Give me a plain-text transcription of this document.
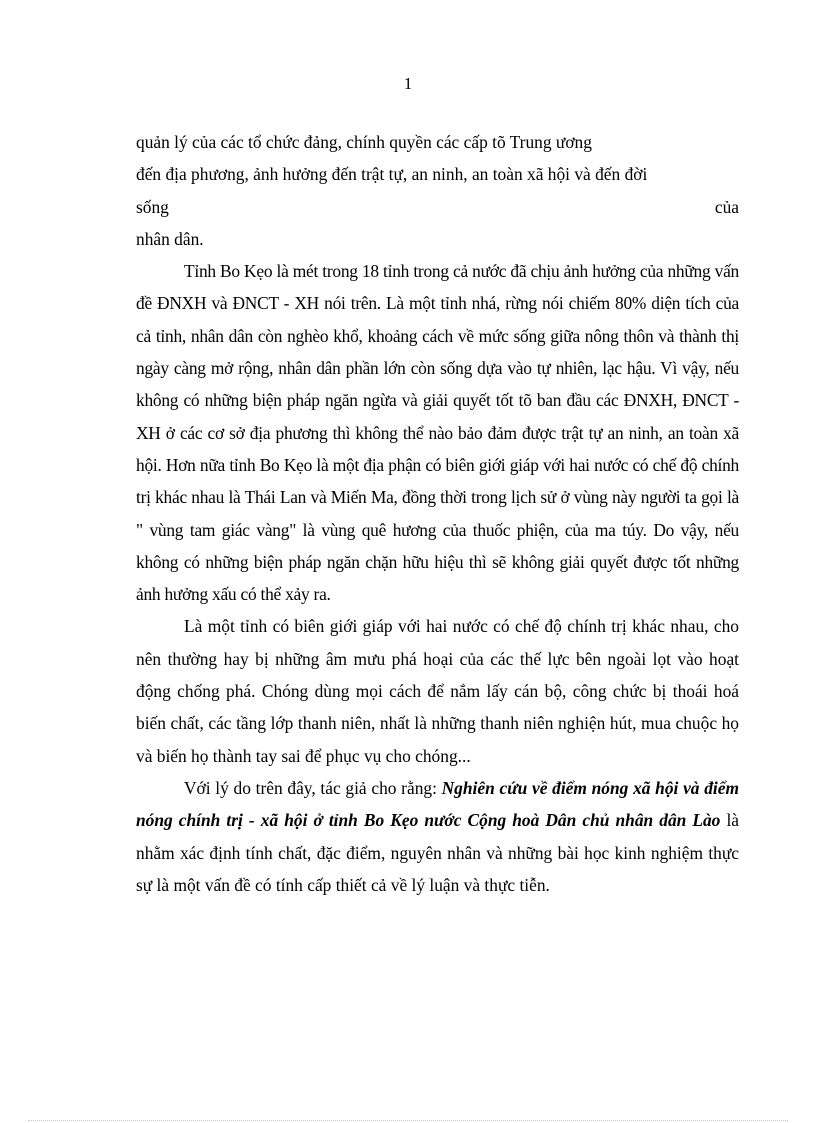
1
quản lý của các tổ chức đảng, chính quyền các cấp tõ Trung ương
đến địa phương, ảnh hưởng đến trật tự, an ninh, an toàn xã hội và đến đời
sống	của
nhân dân.

Tỉnh Bo Kẹo là mét trong 18 tỉnh trong cả nước đã chịu ảnh hưởng của những vấn đề ĐNXH và ĐNCT - XH nói trên. Là một tỉnh nhá, rừng nói chiếm 80% diện tích của cả tỉnh, nhân dân còn nghèo khổ, khoảng cách về mức sống giữa nông thôn và thành thị ngày càng mở rộng, nhân dân phần lớn còn sống dựa vào tự nhiên, lạc hậu. Vì vậy, nếu không có những biện pháp ngăn ngừa và giải quyết tốt tõ ban đầu các ĐNXH, ĐNCT - XH ở các cơ sở địa phương thì không thể nào bảo đảm được trật tự an ninh, an toàn xã hội. Hơn nữa tỉnh Bo Kẹo là một địa phận có biên giới giáp với hai nước có chế độ chính trị khác nhau là Thái Lan và Miến Ma, đồng thời trong lịch sử ở vùng này người ta gọi là " vùng tam giác vàng" là vùng quê hương của thuốc phiện, của ma túy. Do vậy, nếu không có những biện pháp ngăn chặn hữu hiệu thì sẽ không giải quyết được tốt những ảnh hưởng xấu có thể xảy ra.

Là một tỉnh có biên giới giáp với hai nước có chế độ chính trị khác nhau, cho nên thường hay bị những âm mưu phá hoại của các thế lực bên ngoài lọt vào hoạt động chống phá. Chóng dùng mọi cách để nắm lấy cán bộ, công chức bị thoái hoá biến chất, các tầng lớp thanh niên, nhất là những thanh niên nghiện hút, mua chuộc họ và biến họ thành tay sai để phục vụ cho chóng...

Với lý do trên đây, tác giả cho rằng: Nghiên cứu về điểm nóng xã hội và điểm nóng chính trị - xã hội ở tỉnh Bo Kẹo nước Cộng hoà Dân chủ nhân dân Lào là nhằm xác định tính chất, đặc điểm, nguyên nhân và những bài học kinh nghiệm thực sự là một vấn đề có tính cấp thiết cả về lý luận và thực tiễn.
